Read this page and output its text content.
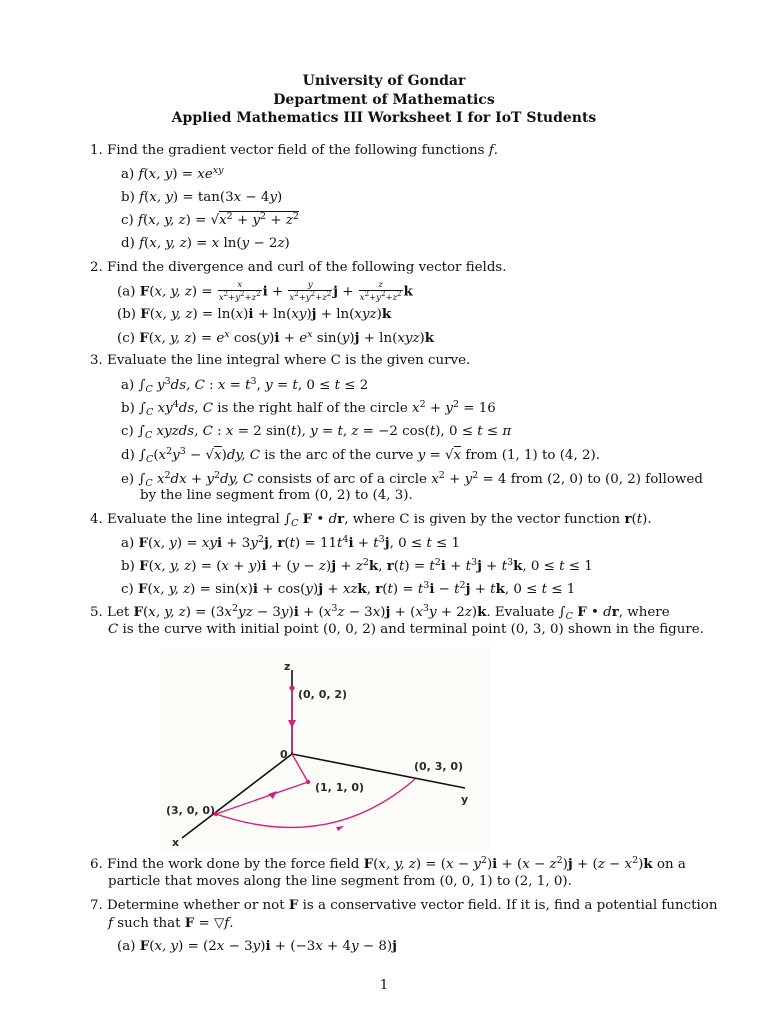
University of Gondar
Department of Mathematics
Applied Mathematics III Worksheet I for IoT Students
1. Find the gradient vector field of the following functions f.
a) f(x, $y) = xe^{xy}$
b) f(x, y) = tan(3x − 4y)
c) f(x, y, $z) = √x^2 + y^2 + z^2$
d) f(x, y, z) = x ln(y − 2z)
2. Find the divergence and curl of the following vector fields.
(a) F(x, y, $z) = \frac{x}{x^2+y^2+z^2}$ $i + \frac{y}{x^2+y^2+z^2}$ $j + \frac{z}{x^2+y^2+z^2}$ k
(b) F(x, y, z) = ln(x)i + ln(xy)j + ln(xyz)k
(c) F(x, y, $z) = e^x$ $\cos(y)i + e^x$ sin(y)j + ln(xyz)k
3. Evaluate the line integral where C is the given curve.
a) $\int_C$ $y^3ds$, C : $x = t^3$, y = t, 0 ≤ t ≤ 2
b) $\int_C$ $xy^4ds$, C is the right half of the circle $x^2 + y^2 = 16$
c) $\int_C$ xyzds, C : x = 2 sin(t), y = t, z = −2 cos(t), 0 ≤ t ≤ π
d) $\int_C(x^2y^3 - √x)dy$, C is the arc of the curve y = √x from (1, 1) to (4, 2).
e) $\int_C$ $x^2dx + y^2dy$, C consists of arc of a circle $x^2 + y^2 = 4$ from (2, 0) to (0, 2) followed
by the line segment from (0, 2) to (4, 3).
4. Evaluate the line integral $\int_C$ F • dr, where C is given by the vector function r(t).
a) F(x, y) = xyi + $3y^2j$, $r(t) = 11t^4i + t^3j$, 0 ≤ t ≤ 1
b) F(x, y, $z) = (x + y)i + (y - z)j + z^2k$, $r(t) = t^2i + t^3j + t^3k$, 0 ≤ t ≤ 1
c) F(x, y, z) = sin(x)i + cos(y)j + xzk, $r(t) = t^3i - t^2j$ + tk, 0 ≤ t ≤ 1
5. Let F(x, y, $z) = (3x^2yz - 3y)i + (x^3z - 3x)j + (x^3y + 2z)k$. Evaluate $\int_C$ F • dr, where
C is the curve with initial point (0, 0, 2) and terminal point (0, 3, 0) shown in the figure.
z
y
x
(0, 0, 2)
0
(0, 3, 0)
(1, 1, 0)
(3, 0, 0)
6. Find the work done by the force field F(x, y, $z) = (x - y^2)i + (x - z^2)j + (z - x^2)k$ on a
particle that moves along the line segment from (0, 0, 1) to (2, 1, 0).
7. Determine whether or not F is a conservative vector field. If it is, find a potential function
f such that F = ▽f.
(a) F(x, y) = (2x − 3y)i + (−3x + 4y − 8)j
1
